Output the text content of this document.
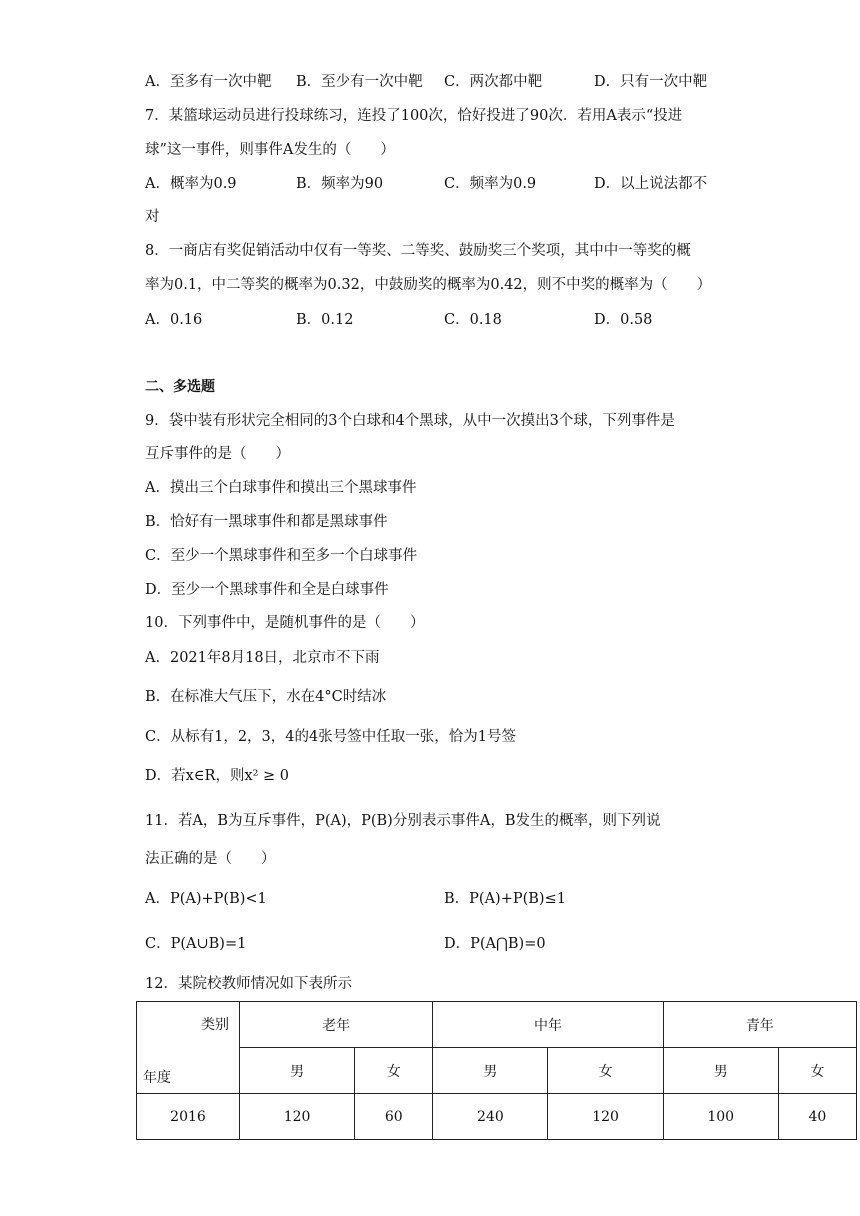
A．至多有一次中靶 B．至少有一次中靶 C．两次都中靶	D．只有一次中靶
7．某篮球运动员进行投球练习，连投了100次，恰好投进了90次．若用A表示“投进
球”这一事件，则事件A发生的（　　）
A．概率为0.9	B．频率为90	C．频率为0.9	D．以上说法都不
对
8．一商店有奖促销活动中仅有一等奖、二等奖、鼓励奖三个奖项，其中中一等奖的概
率为0.1，中二等奖的概率为0.32，中鼓励奖的概率为0.42，则不中奖的概率为（　　）
A．0.16	B．0.12	C．0.18	D．0.58
二、多选题
9．袋中装有形状完全相同的3个白球和4个黑球，从中一次摸出3个球，下列事件是
互斥事件的是（　　）
A．摸出三个白球事件和摸出三个黑球事件
B．恰好有一黑球事件和都是黑球事件
C．至少一个黑球事件和至多一个白球事件
D．至少一个黑球事件和全是白球事件
10．下列事件中，是随机事件的是（　　）
A．2021年8月18日，北京市不下雨
B．在标准大气压下，水在4°C时结冰
C．从标有1，2，3，4的4张号签中任取一张，恰为1号签
D．若x∈R，则x² ≥ 0
11．若A，B为互斥事件，P(A)，P(B)分别表示事件A，B发生的概率，则下列说
法正确的是（　　）
A．P(A)+P(B)<1	B．P(A)+P(B)≤1
C．P(A∪B)=1	D．P(A⋂B)=0
12．某院校教师情况如下表所示
类别
年度	老年		中年		青年	
	男	女	男	女	男	女
2016	120	60	240	120	100	40
